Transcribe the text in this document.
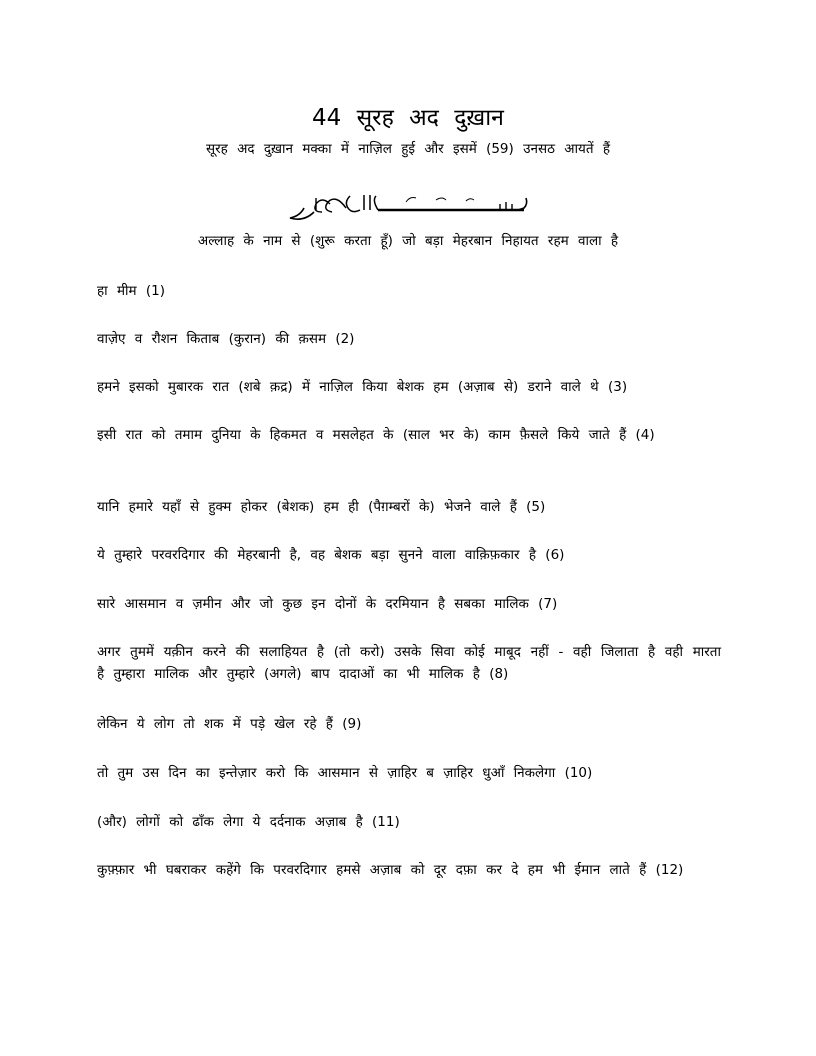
44 सूरह अद दुख़ान
सूरह अद दुख़ान मक्का में नाज़िल हुई और इसमें (59) उनसठ आयतें हैं
بِسْمِ ٱللَّٰهِ ٱلرَّحْمَٰنِ ٱلرَّحِيمِ
अल्लाह के नाम से (शुरू करता हूँ) जो बड़ा मेहरबान निहायत रहम वाला है
हा मीम (1)
वाज़ेए व रौशन किताब (कुरान) की क़सम (2)
हमने इसको मुबारक रात (शबे क़द्र) में नाज़िल किया बेशक हम (अज़ाब से) डराने वाले थे (3)
इसी रात को तमाम दुनिया के हिकमत व मसलेहत के (साल भर के) काम फ़ैसले किये जाते हैं (4)
यानि हमारे यहाँ से हुक्म होकर (बेशक) हम ही (पैग़म्बरों के) भेजने वाले हैं (5)
ये तुम्हारे परवरदिगार की मेहरबानी है, वह बेशक बड़ा सुनने वाला वाक़िफ़कार है (6)
सारे आसमान व ज़मीन और जो कुछ इन दोनों के दरमियान है सबका मालिक (7)
अगर तुममें यक़ीन करने की सलाहियत है (तो करो) उसके सिवा कोई माबूद नहीं - वही जिलाता है वही मारता है तुम्हारा मालिक और तुम्हारे (अगले) बाप दादाओं का भी मालिक है (8)
लेकिन ये लोग तो शक में पड़े खेल रहे हैं (9)
तो तुम उस दिन का इन्तेज़ार करो कि आसमान से ज़ाहिर ब ज़ाहिर धुआँ निकलेगा (10)
(और) लोगों को ढाँक लेगा ये दर्दनाक अज़ाब है (11)
कुफ़्फ़ार भी घबराकर कहेंगे कि परवरदिगार हमसे अज़ाब को दूर दफ़ा कर दे हम भी ईमान लाते हैं (12)
